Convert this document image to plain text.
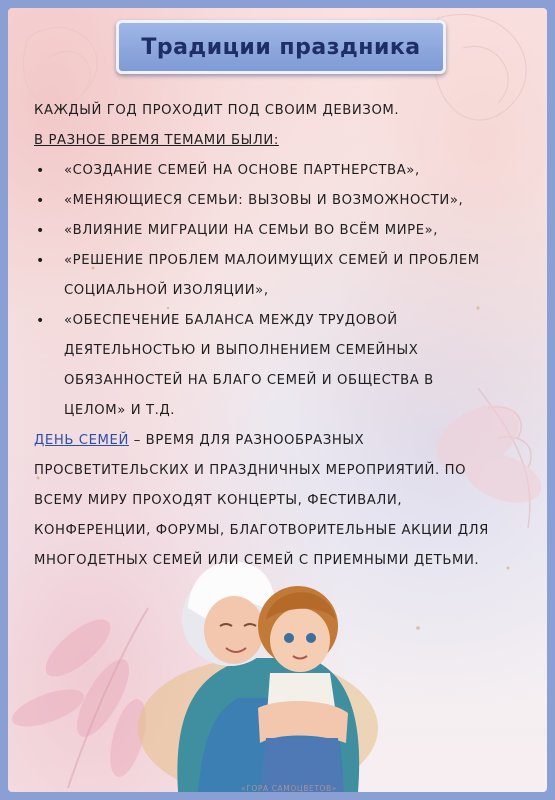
Традиции праздника
КАЖДЫЙ ГОД ПРОХОДИТ ПОД СВОИМ ДЕВИЗОМ.
В РАЗНОЕ ВРЕМЯ ТЕМАМИ БЫЛИ:
• «СОЗДАНИЕ СЕМЕЙ НА ОСНОВЕ ПАРТНЕРСТВА»,
• «МЕНЯЮЩИЕСЯ СЕМЬИ: ВЫЗОВЫ И ВОЗМОЖНОСТИ»,
• «ВЛИЯНИЕ МИГРАЦИИ НА СЕМЬИ ВО ВСЁМ МИРЕ»,
• «РЕШЕНИЕ ПРОБЛЕМ МАЛОИМУЩИХ СЕМЕЙ И ПРОБЛЕМ
СОЦИАЛЬНОЙ ИЗОЛЯЦИИ»,
• «ОБЕСПЕЧЕНИЕ БАЛАНСА МЕЖДУ ТРУДОВОЙ
ДЕЯТЕЛЬНОСТЬЮ И ВЫПОЛНЕНИЕМ СЕМЕЙНЫХ
ОБЯЗАННОСТЕЙ НА БЛАГО СЕМЕЙ И ОБЩЕСТВА В
ЦЕЛОМ» И Т.Д.
ДЕНЬ СЕМЕЙ – ВРЕМЯ ДЛЯ РАЗНООБРАЗНЫХ
ПРОСВЕТИТЕЛЬСКИХ И ПРАЗДНИЧНЫХ МЕРОПРИЯТИЙ. ПО
ВСЕМУ МИРУ ПРОХОДЯТ КОНЦЕРТЫ, ФЕСТИВАЛИ,
КОНФЕРЕНЦИИ, ФОРУМЫ, БЛАГОТВОРИТЕЛЬНЫЕ АКЦИИ ДЛЯ
МНОГОДЕТНЫХ СЕМЕЙ ИЛИ СЕМЕЙ С ПРИЕМНЫМИ ДЕТЬМИ.
«ГОРА САМОЦВЕТОВ»
